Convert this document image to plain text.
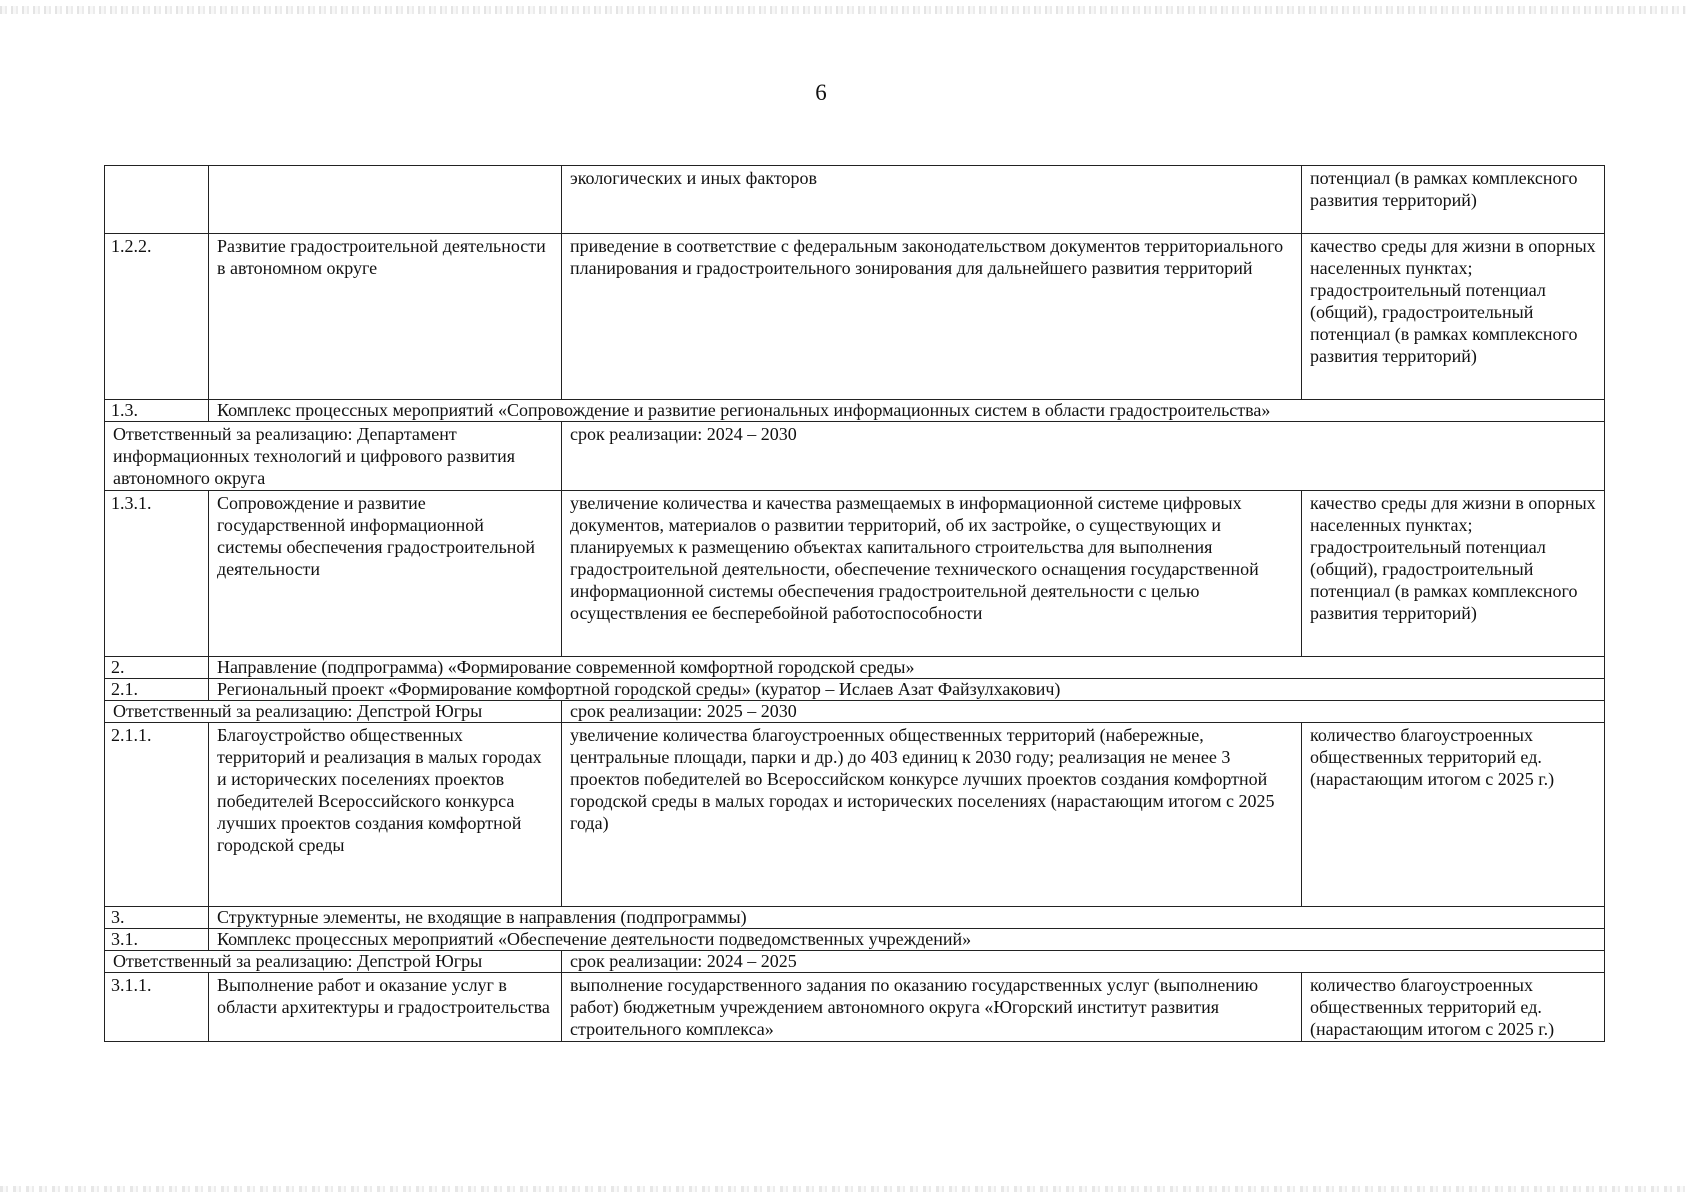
6
		экологических и иных факторов	потенциал (в рамках комплексного развития территорий)
1.2.2.	Развитие градостроительной деятельности в автономном округе	приведение в соответствие с федеральным законодательством документов территориального планирования и градостроительного зонирования для дальнейшего развития территорий	качество среды для жизни в опорных населенных пунктах; градостроительный потенциал (общий), градостроительный потенциал (в рамках комплексного развития территорий)
1.3.	Комплекс процессных мероприятий «Сопровождение и развитие региональных информационных систем в области градостроительства»		
Ответственный за реализацию: Департамент информационных технологий и цифрового развития автономного округа		срок реализации: 2024 – 2030	
1.3.1.	Сопровождение и развитие государственной информационной системы обеспечения градостроительной деятельности	увеличение количества и качества размещаемых в информационной системе цифровых документов, материалов о развитии территорий, об их застройке, о существующих и планируемых к размещению объектах капитального строительства для выполнения градостроительной деятельности, обеспечение технического оснащения государственной информационной системы обеспечения градостроительной деятельности с целью осуществления ее бесперебойной работоспособности	качество среды для жизни в опорных населенных пунктах; градостроительный потенциал (общий), градостроительный потенциал (в рамках комплексного развития территорий)
2.	Направление (подпрограмма) «Формирование современной комфортной городской среды»		
2.1.	Региональный проект «Формирование комфортной городской среды» (куратор – Ислаев Азат Файзулхакович)		
Ответственный за реализацию: Депстрой Югры		срок реализации: 2025 – 2030	
2.1.1.	Благоустройство общественных территорий и реализация в малых городах и исторических поселениях проектов победителей Всероссийского конкурса лучших проектов создания комфортной городской среды	увеличение количества благоустроенных общественных территорий (набережные, центральные площади, парки и др.) до 403 единиц к 2030 году; реализация не менее 3 проектов победителей во Всероссийском конкурсе лучших проектов создания комфортной городской среды в малых городах и исторических поселениях (нарастающим итогом с 2025 года)	количество благоустроенных общественных территорий ед. (нарастающим итогом с 2025 г.)
3.	Структурные элементы, не входящие в направления (подпрограммы)		
3.1.	Комплекс процессных мероприятий «Обеспечение деятельности подведомственных учреждений»		
Ответственный за реализацию: Депстрой Югры		срок реализации: 2024 – 2025	
3.1.1.	Выполнение работ и оказание услуг в области архитектуры и градостроительства	выполнение государственного задания по оказанию государственных услуг (выполнению работ) бюджетным учреждением автономного округа «Югорский институт развития строительного комплекса»	количество благоустроенных общественных территорий ед. (нарастающим итогом с 2025 г.)
